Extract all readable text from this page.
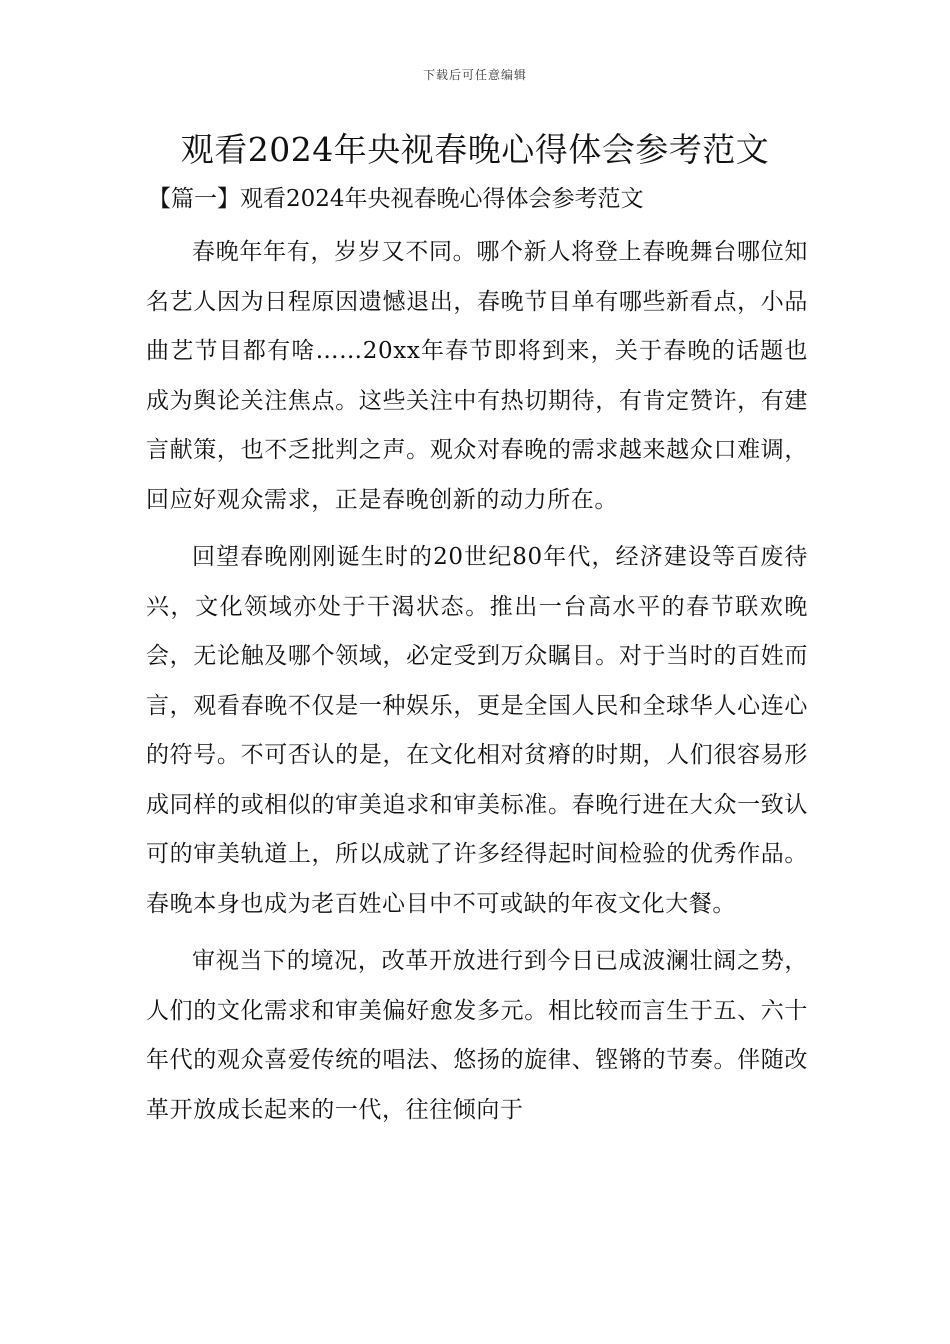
下载后可任意编辑
观看2024年央视春晚心得体会参考范文
【篇一】观看2024年央视春晚心得体会参考范文

春晚年年有，岁岁又不同。哪个新人将登上春晚舞台哪位知名艺人因为日程原因遗憾退出，春晚节目单有哪些新看点，小品曲艺节目都有啥……20xx年春节即将到来，关于春晚的话题也成为舆论关注焦点。这些关注中有热切期待，有肯定赞许，有建言献策，也不乏批判之声。观众对春晚的需求越来越众口难调，回应好观众需求，正是春晚创新的动力所在。

回望春晚刚刚诞生时的20世纪80年代，经济建设等百废待兴，文化领域亦处于干渴状态。推出一台高水平的春节联欢晚会，无论触及哪个领域，必定受到万众瞩目。对于当时的百姓而言，观看春晚不仅是一种娱乐，更是全国人民和全球华人心连心的符号。不可否认的是，在文化相对贫瘠的时期，人们很容易形成同样的或相似的审美追求和审美标准。春晚行进在大众一致认可的审美轨道上，所以成就了许多经得起时间检验的优秀作品。春晚本身也成为老百姓心目中不可或缺的年夜文化大餐。

审视当下的境况，改革开放进行到今日已成波澜壮阔之势，人们的文化需求和审美偏好愈发多元。相比较而言生于五、六十年代的观众喜爱传统的唱法、悠扬的旋律、铿锵的节奏。伴随改革开放成长起来的一代，往往倾向于
